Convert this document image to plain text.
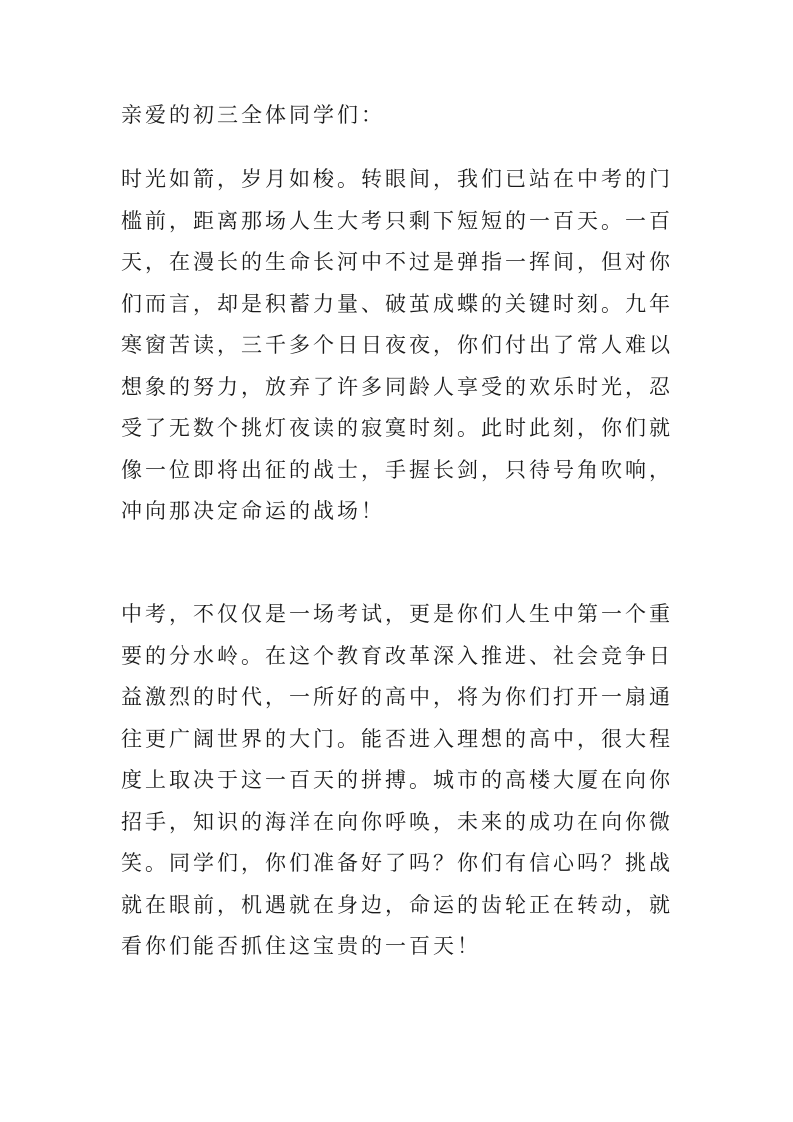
亲爱的初三全体同学们：
时光如箭，岁月如梭。转眼间，我们已站在中考的门
槛前，距离那场人生大考只剩下短短的一百天。一百
天，在漫长的生命长河中不过是弹指一挥间，但对你
们而言，却是积蓄力量、破茧成蝶的关键时刻。九年
寒窗苦读，三千多个日日夜夜，你们付出了常人难以
想象的努力，放弃了许多同龄人享受的欢乐时光，忍
受了无数个挑灯夜读的寂寞时刻。此时此刻，你们就
像一位即将出征的战士，手握长剑，只待号角吹响，
冲向那决定命运的战场！
中考，不仅仅是一场考试，更是你们人生中第一个重
要的分水岭。在这个教育改革深入推进、社会竞争日
益激烈的时代，一所好的高中，将为你们打开一扇通
往更广阔世界的大门。能否进入理想的高中，很大程
度上取决于这一百天的拼搏。城市的高楼大厦在向你
招手，知识的海洋在向你呼唤，未来的成功在向你微
笑。同学们，你们准备好了吗？你们有信心吗？挑战
就在眼前，机遇就在身边，命运的齿轮正在转动，就
看你们能否抓住这宝贵的一百天！
